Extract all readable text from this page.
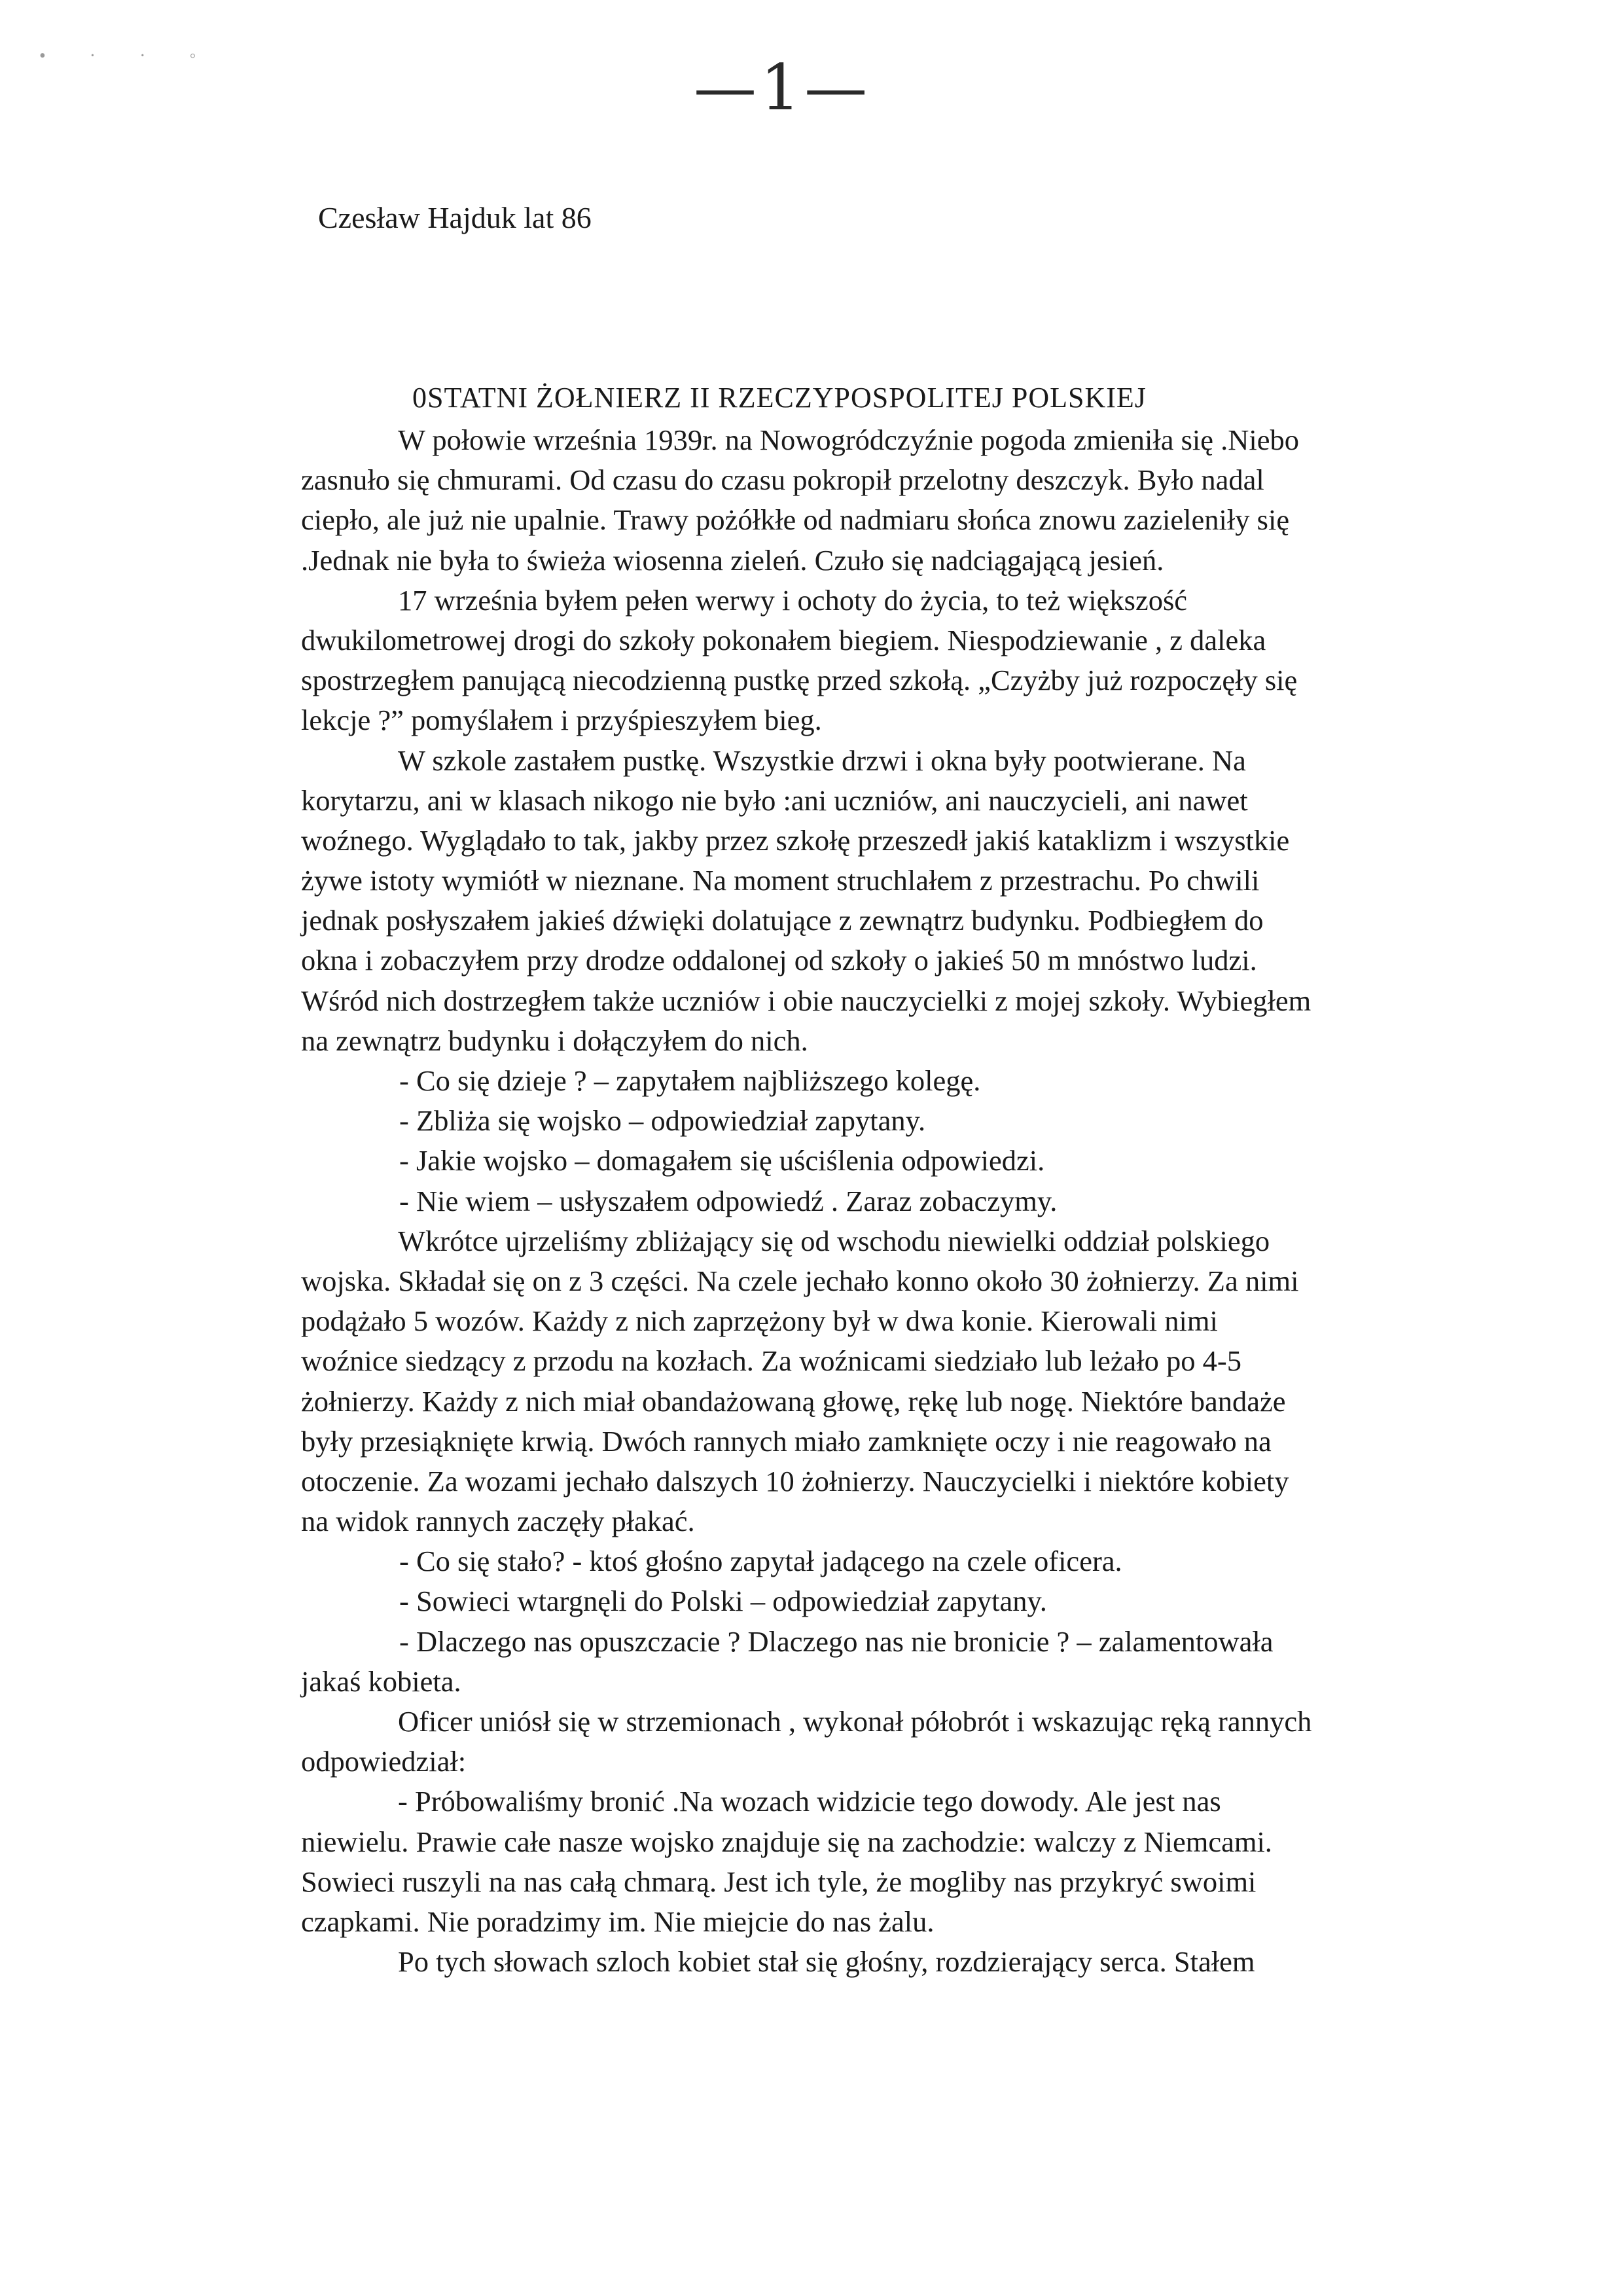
• · · ◦	—1—
Czesław Hajduk lat 86
0STATNI ŻOŁNIERZ II RZECZYPOSPOLITEJ POLSKIEJ
W połowie września 1939r. na Nowogródczyźnie pogoda zmieniła się .Niebo
zasnuło się chmurami. Od czasu do czasu pokropił przelotny deszczyk. Było nadal
ciepło, ale już nie upalnie. Trawy pożółkłe od nadmiaru słońca znowu zazieleniły się
.Jednak nie była to świeża wiosenna zieleń. Czuło się nadciągającą jesień.
17 września byłem pełen werwy i ochoty do życia, to też większość
dwukilometrowej drogi do szkoły pokonałem biegiem. Niespodziewanie , z daleka
spostrzegłem panującą niecodzienną pustkę przed szkołą. „Czyżby już rozpoczęły się
lekcje ?” pomyślałem i przyśpieszyłem bieg.
W szkole zastałem pustkę. Wszystkie drzwi i okna były pootwierane. Na
korytarzu, ani w klasach nikogo nie było :ani uczniów, ani nauczycieli, ani nawet
woźnego. Wyglądało to tak, jakby przez szkołę przeszedł jakiś kataklizm i wszystkie
żywe istoty wymiótł w nieznane. Na moment struchlałem z przestrachu. Po chwili
jednak posłyszałem jakieś dźwięki dolatujące z zewnątrz budynku. Podbiegłem do
okna i zobaczyłem przy drodze oddalonej od szkoły o jakieś 50 m mnóstwo ludzi.
Wśród nich dostrzegłem także uczniów i obie nauczycielki z mojej szkoły. Wybiegłem
na zewnątrz budynku i dołączyłem do nich.
- Co się dzieje ? – zapytałem najbliższego kolegę.
- Zbliża się wojsko – odpowiedział zapytany.
- Jakie wojsko – domagałem się uściślenia odpowiedzi.
- Nie wiem – usłyszałem odpowiedź . Zaraz zobaczymy.
Wkrótce ujrzeliśmy zbliżający się od wschodu niewielki oddział polskiego
wojska. Składał się on z 3 części. Na czele jechało konno około 30 żołnierzy. Za nimi
podążało 5 wozów. Każdy z nich zaprzężony był w dwa konie. Kierowali nimi
woźnice siedzący z przodu na kozłach. Za woźnicami siedziało lub leżało po 4-5
żołnierzy. Każdy z nich miał obandażowaną głowę, rękę lub nogę. Niektóre bandaże
były przesiąknięte krwią. Dwóch rannych miało zamknięte oczy i nie reagowało na
otoczenie. Za wozami jechało dalszych 10 żołnierzy. Nauczycielki i niektóre kobiety
na widok rannych zaczęły płakać.
- Co się stało? - ktoś głośno zapytał jadącego na czele oficera.
- Sowieci wtargnęli do Polski – odpowiedział zapytany.
- Dlaczego nas opuszczacie ? Dlaczego nas nie bronicie ? – zalamentowała
jakaś kobieta.
Oficer uniósł się w strzemionach , wykonał półobrót i wskazując ręką rannych
odpowiedział:
- Próbowaliśmy bronić .Na wozach widzicie tego dowody. Ale jest nas
niewielu. Prawie całe nasze wojsko znajduje się na zachodzie: walczy z Niemcami.
Sowieci ruszyli na nas całą chmarą. Jest ich tyle, że mogliby nas przykryć swoimi
czapkami. Nie poradzimy im. Nie miejcie do nas żalu.
Po tych słowach szloch kobiet stał się głośny, rozdzierający serca. Stałem
